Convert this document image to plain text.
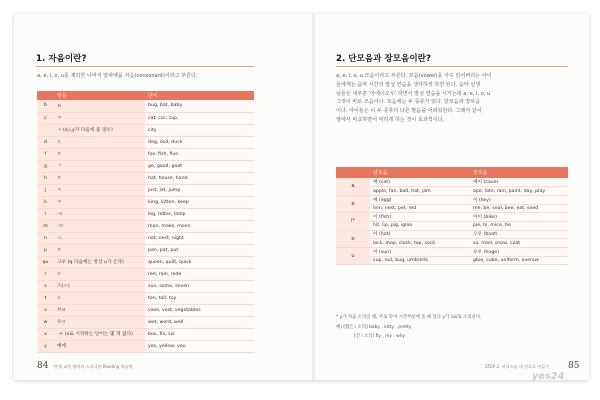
1. 자음이란?
a, e, i, o, u를 제외한 나머지 알파벳을 자음(consonant)이라고 부른다.
	발음	단어
b	ㅂ	bug, bat, baby
c	ㅋ	cat, car, cup,
	ㅅ (e,i,y가 다음에 올 경우)	city
d	ㄷ	dog, doll, duck
f	ㅍ	fox, fish, five
g	ㄱ	go, good, goat
h	ㅎ	hat, house, hand
j	ㅈ	just, jet, jump
k	ㅋ	king, kitten, keep
l	-ㄹ	leg, letter, lamp
m	-ㅁ	man, make, moon
n	-ㄴ	not, nest, night
p	ㅍ	pan, pat, put
qu	크우 (q 다음에는 항상 u가 온다)	queen, quilt, quick
r	ㄹ	red, rain, rode
s	스(ㅅ)	sun, some, seven
t	ㅌ	ten, tall, toy
v	브ㅂ	vase, vest, vegetables
w	우ㅇ	wet, word, wall
x	-ㅆ (x로 시작하는 단어는 몇 개 없다)	box, fix, six
y	예에	yes, yellow, you
84 단계 교한 영어의 스피디한 Reading 학습법
2. 단모음과 장모음이란?
a, e, i, o, u 모음이라고 부른다. 모음(vowel)을 자주 읽어버리는 아이
들에게는 음악 시간의 발성 연습을 생각하게 하면 된다. 음악 선생
님들은 대부분 '아에이오우' 라면서 발성 연습을 시키는데 a, e, i, o, u
그것이 바로 모음이다. 모음에는 두 종류가 있다. 단모음과 장모음
이다. 아이들은 이 두 종류의 다른 발음을 어려워한다. 그래서 같이
옆에서 비교하면서 익히게 하는 것이 효과적이다.
	단모음	장모음
a	애 (cat)	에이 (cave)
	apple, fan, bad, hat, jam	ape, late, rain, paint, day, play
e	에 (egg)	이 (key)
	hen, nest, pet, red	me, be, seal, bee, eat, seed
i*	이 (fish)	아이 (bike)
	hit, lip, pig, igloo	pie, hi, mice, tie
o	아 (hot)	오우 (boat)
	lock, mop, clock, top, sock	so, road, snow, coat
u	어 (sun)	유우 (huge)
	cup, nut, bug, umbrella	glue, cube, uniform, avenue
* y가 자음 소리일 때, 주로 단어 시작부분에 올 때 있다 y가 /ai/로 소리난다.
예) [짧은 i 소리] baby , kitty , pretty
[긴 i 소리] fly , my , why
STEP 2. 파닉스를 내 것으로 만들기 85
yes24
